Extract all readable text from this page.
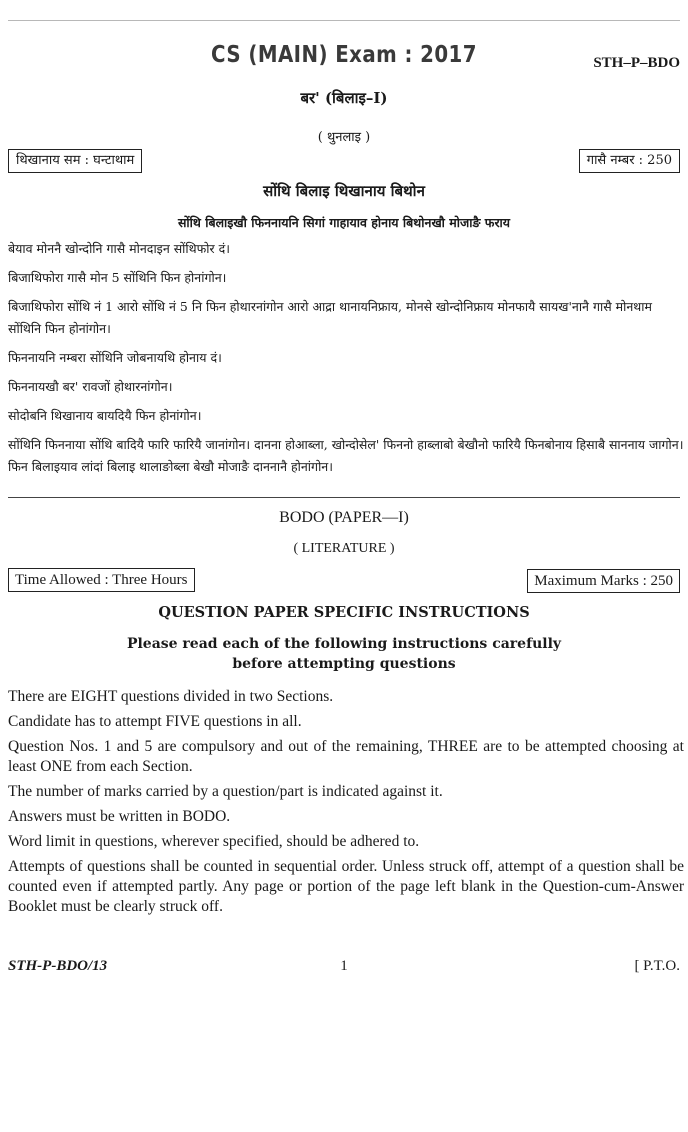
CS (MAIN) Exam : 2017	STH–P–BDO
बर' (बिलाइ–I)
( थुनलाइ )
थिखानाय सम : घन्टाथाम	गासै नम्बर : 250
सोंथि बिलाइ थिखानाय बिथोन
सोंथि बिलाइखौ फिननायनि सिगां गाहायाव होनाय बिथोनखौ मोजाङै फराय

बेयाव मोननै खोन्दोनि गासै मोनदाइन सोंथिफोर दं।

बिजाथिफोरा गासै मोन 5 सोंथिनि फिन होनांगोन।

बिजाथिफोरा सोंथि नं 1 आरो सोंथि नं 5 नि फिन होथारनांगोन आरो आद्रा थानायनिफ्राय, मोनसे खोन्दोनिफ्राय मोनफायै सायख'नानै गासै मोनथाम सोंथिनि फिन होनांगोन।

फिननायनि नम्बरा सोंथिनि जोबनायथि होनाय दं।

फिननायखौ बर' रावजों होथारनांगोन।

सोदोबनि थिखानाय बायदियै फिन होनांगोन।

सोंथिनि फिननाया सोंथि बादियै फारि फारियै जानांगोन। दानना होआब्ला, खोन्दोसेल' फिननो हाब्लाबो बेखौनो फारियै फिनबोनाय हिसाबै साननाय जागोन। फिन बिलाइयाव लांदां बिलाइ थालाङोब्ला बेखौ मोजाङै दाननानै होनांगोन।

BODO (PAPER—I)
( LITERATURE )
Time Allowed : Three Hours	Maximum Marks : 250
QUESTION PAPER SPECIFIC INSTRUCTIONS
Please read each of the following instructions carefully
before attempting questions

There are EIGHT questions divided in two Sections.

Candidate has to attempt FIVE questions in all.

Question Nos. 1 and 5 are compulsory and out of the remaining, THREE are to be attempted choosing at least ONE from each Section.

The number of marks carried by a question/part is indicated against it.

Answers must be written in BODO.

Word limit in questions, wherever specified, should be adhered to.

Attempts of questions shall be counted in sequential order. Unless struck off, attempt of a question shall be counted even if attempted partly. Any page or portion of the page left blank in the Question-cum-Answer Booklet must be clearly struck off.

STH-P-BDO/13	1	[ P.T.O.
